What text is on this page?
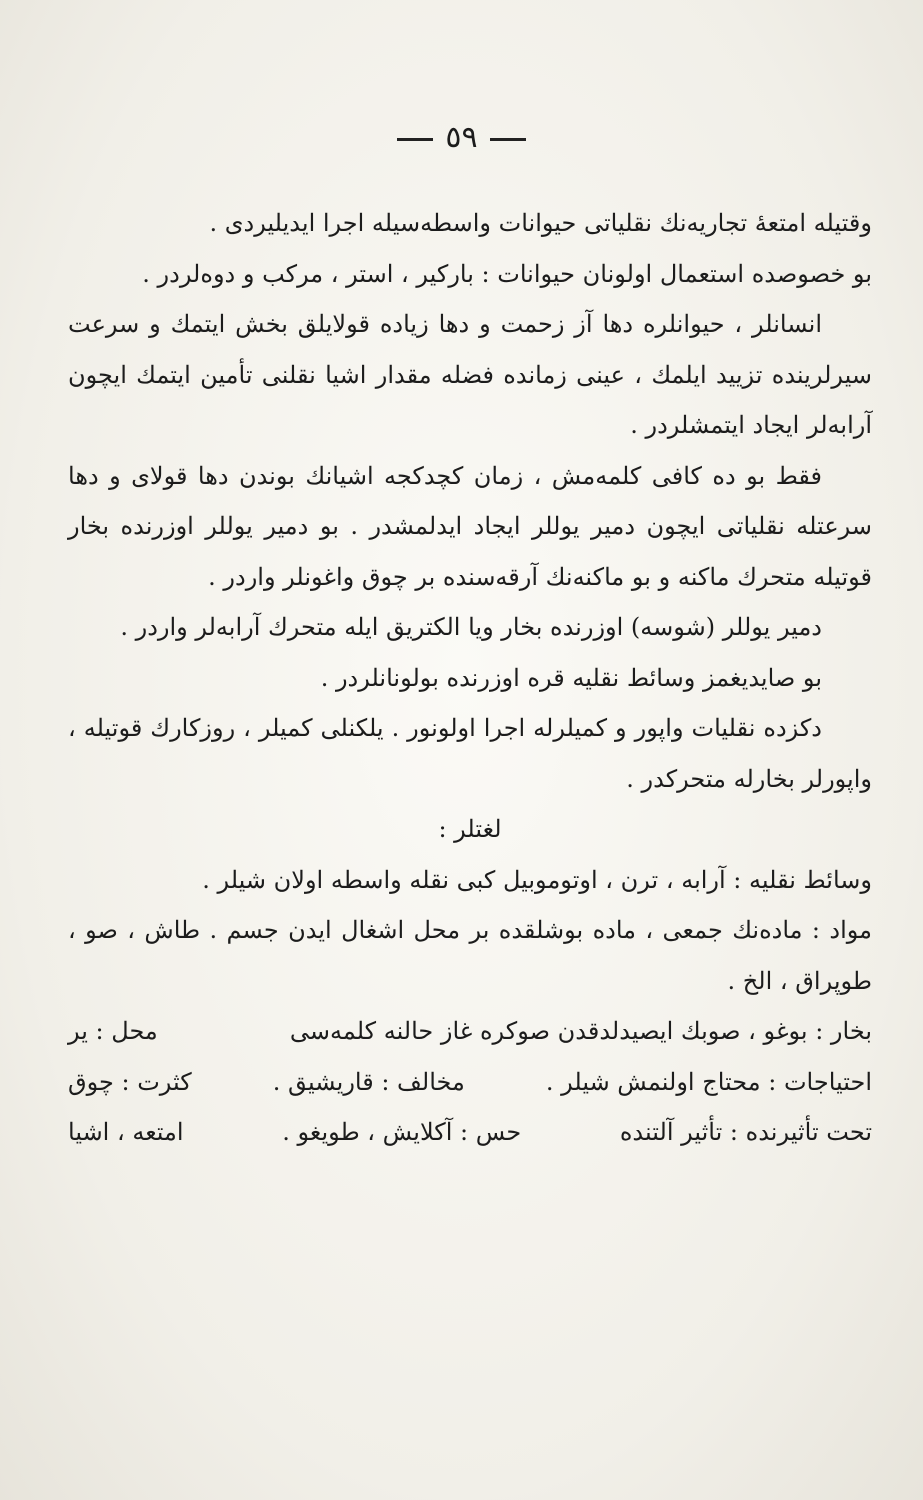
٥٩

وقتیله امتعهٔ تجاریه‌نك نقلیاتی حیوانات واسطه‌سیله اجرا ایدیلیردی .

بو خصوصده استعمال اولونان حیوانات : بارکیر ، استر ، مرکب و دوه‌لردر .

انسانلر ، حیوانلره دها آز زحمت و دها زیاده قولایلق بخش ایتمك و سرعت سیرلرینده تزیید ایلمك ، عینی زمانده فضله مقدار اشیا نقلنی تأمین ایتمك ایچون آرابه‌لر ایجاد ایتمشلردر .

فقط بو ده کافی کلمه‌مش ، زمان کچدکجه اشیانك بوندن دها قولای و دها سرعتله نقلیاتی ایچون دمیر یوللر ایجاد ایدلمشدر . بو دمیر یوللر اوزرنده بخار قوتیله متحرك ماکنه و بو ماکنه‌نك آرقه‌سنده بر چوق واغونلر واردر .

دمیر یوللر (شوسه) اوزرنده بخار ویا الکتریق ایله متحرك آرابه‌لر واردر .

بو صایدیغمز وسائط نقلیه قره اوزرنده بولونانلردر .

دکزده نقلیات واپور و کمیلرله اجرا اولونور . یلکنلی کمیلر ، روزکارك قوتیله ، واپورلر بخارله متحرکدر .

لغتلر :

وسائط نقلیه : آرابه ، ترن ، اوتوموبیل کبی نقله واسطه اولان شیلر .

مواد : ماده‌نك جمعی ، ماده بوشلقده بر محل اشغال ایدن جسم . طاش ، صو ، طوپراق ، الخ .

بخار : بوغو ، صوبك ایصیدلدقدن صوکره غاز حالنه کلمه‌سی
محل : یر
احتیاجات : محتاج اولنمش شیلر .
مخالف : قاریشیق .
کثرت : چوق
تحت تأثیرنده : تأثیر آلتنده
حس : آکلایش ، طویغو .
امتعه ، اشیا
